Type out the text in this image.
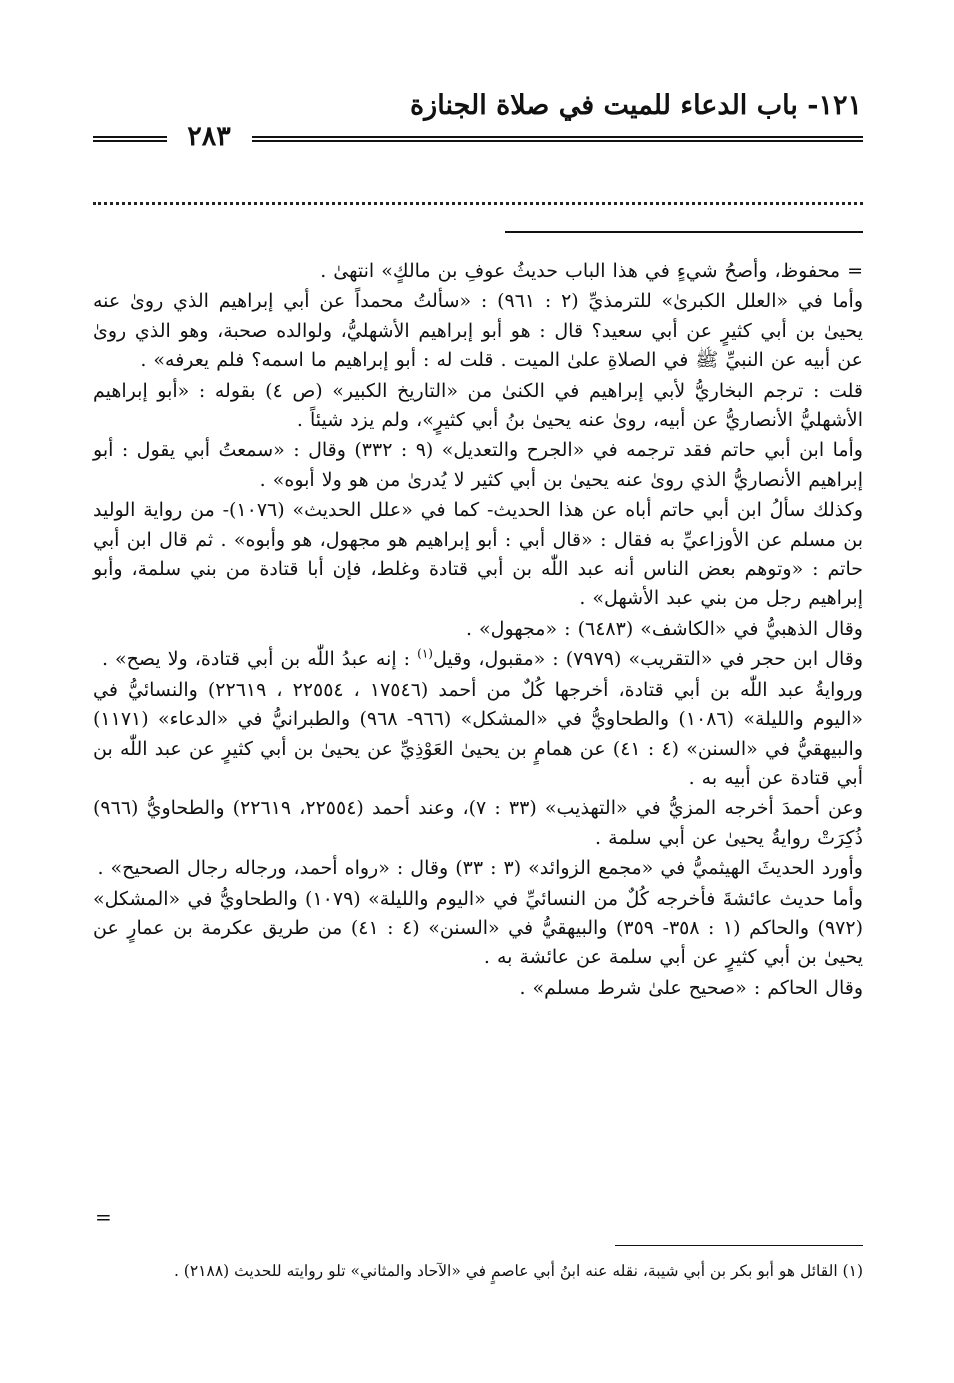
١٢١- باب الدعاء للميت في صلاة الجنازة
٢٨٣

= محفوظ، وأصحُ شيءٍ في هذا الباب حديثُ عوفِ بن مالكٍ» انتهىٰ .

وأما في «العلل الكبرىٰ» للترمذيِّ (٢ : ٩٦١) : «سألتُ محمداً عن أبي إبراهيم الذي روىٰ عنه يحيىٰ بن أبي كثيرٍ عن أبي سعيد؟ قال : هو أبو إبراهيم الأشهليُّ، ولوالده صحبة، وهو الذي روىٰ عن أبيه عن النبيِّ ﷺ في الصلاةِ علىٰ الميت . قلت له : أبو إبراهيم ما اسمه؟ فلم يعرفه» .

قلت : ترجم البخاريُّ لأبي إبراهيم في الكنىٰ من «التاريخ الكبير» (ص ٤) بقوله : «أبو إبراهيم الأشهليُّ الأنصاريُّ عن أبيه، روىٰ عنه يحيىٰ بنُ أبي كثيرٍ»، ولم يزد شيئاً .

وأما ابن أبي حاتم فقد ترجمه في «الجرح والتعديل» (٩ : ٣٣٢) وقال : «سمعتُ أبي يقول : أبو إبراهيم الأنصاريُّ الذي روىٰ عنه يحيىٰ بن أبي كثير لا يُدرىٰ من هو ولا أبوه» .

وكذلك سألُ ابن أبي حاتم أباه عن هذا الحديث- كما في «علل الحديث» (١٠٧٦)- من رواية الوليد بن مسلم عن الأوزاعيِّ به فقال : «قال أبي : أبو إبراهيم هو مجهول، هو وأبوه» . ثم قال ابن أبي حاتم : «وتوهم بعض الناس أنه عبد اللّٰه بن أبي قتادة وغلط، فإن أبا قتادة من بني سلمة، وأبو إبراهيم رجل من بني عبد الأشهل» .

وقال الذهبيُّ في «الكاشف» (٦٤٨٣) : «مجهول» .

وقال ابن حجر في «التقريب» (٧٩٧٩) : «مقبول، وقيل$^{(١)}$ : إنه عبدُ اللّٰه بن أبي قتادة، ولا يصح» .

وروايةُ عبد اللّٰه بن أبي قتادة، أخرجها كُلٌ من أحمد (١٧٥٤٦ ، ٢٢٥٥٤ ، ٢٢٦١٩) والنسائيُّ في «اليوم والليلة» (١٠٨٦) والطحاويُّ في «المشكل» (٩٦٦- ٩٦٨) والطبرانيُّ في «الدعاء» (١١٧١) والبيهقيُّ في «السنن» (٤ : ٤١) عن همامٍ بن يحيىٰ العَوْذِيِّ عن يحيىٰ بن أبي كثيرٍ عن عبد اللّٰه بن أبي قتادة عن أبيه به .

وعن أحمدَ أخرجه المزيُّ في «التهذيب» (٣٣ : ٧)، وعند أحمد (٢٢٥٥٤، ٢٢٦١٩) والطحاويُّ (٩٦٦) ذُكِرَتْ روايةُ يحيىٰ عن أبي سلمة .

وأورد الحديثَ الهيثميُّ في «مجمع الزوائد» (٣ : ٣٣) وقال : «رواه أحمد، ورجاله رجال الصحيح» .

وأما حديث عائشةَ فأخرجه كُلٌ من النسائيِّ في «اليوم والليلة» (١٠٧٩) والطحاويُّ في «المشكل» (٩٧٢) والحاكم (١ : ٣٥٨- ٣٥٩) والبيهقيُّ في «السنن» (٤ : ٤١) من طريق عكرمة بن عمارٍ عن يحيىٰ بن أبي كثيرٍ عن أبي سلمة عن عائشة به .

وقال الحاكم : «صحيح علىٰ شرط مسلم» .

=
(١) القائل هو أبو بكر بن أبي شيبة، نقله عنه ابنُ أبي عاصمٍ في «الآحاد والمثاني» تلو روايته للحديث (٢١٨٨) .
